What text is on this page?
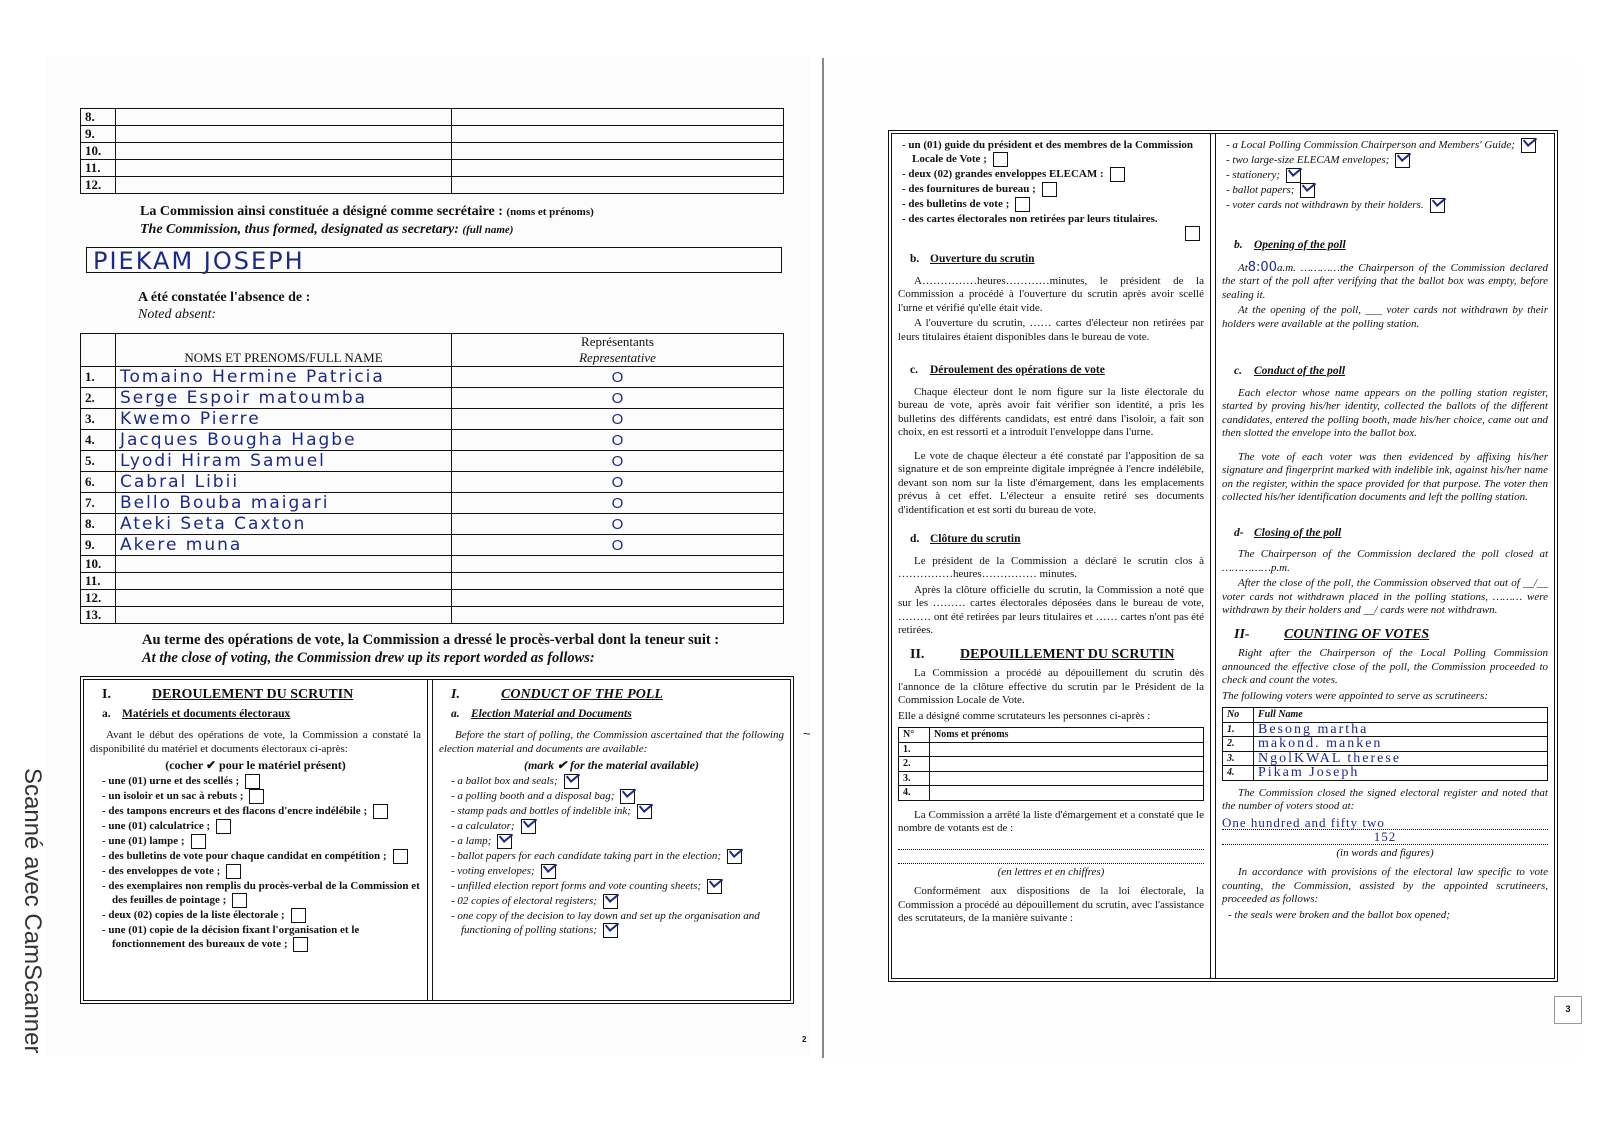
Scanné avec CamScanner
8.		
9.		
10.		
11.		
12.		
La Commission ainsi constituée a désigné comme secrétaire : (noms et prénoms)
The Commission, thus formed, designated as secretary: (full name)
PIEKAM JOSEPH
A été constatée l'absence de :
Noted absent:
	NOMS ET PRENOMS/FULL NAME	Représentants
Representative

1.	Tomaino Hermine Patricia	O
2.	Serge Espoir matoumba	O
3.	Kwemo Pierre	O
4.	Jacques Bougha Hagbe	O
5.	Lyodi Hiram Samuel	O
6.	Cabral Libii	O
7.	Bello Bouba maigari	O
8.	Ateki Seta Caxton	O
9.	Akere muna	O
10.		
11.		
12.		
13.		
Au terme des opérations de vote, la Commission a dressé le procès-verbal dont la teneur suit :
At the close of voting, the Commission drew up its report worded as follows:
I.	DEROULEMENT DU SCRUTIN
a. Matériels et documents électoraux

Avant le début des opérations de vote, la Commission a constaté la disponibilité du matériel et documents électoraux ci-après:

(cocher ✔ pour le matériel présent)
- une (01) urne et des scellés ;
- un isoloir et un sac à rebuts ;
- des tampons encreurs et des flacons d'encre indélébile ;
- une (01) calculatrice ;
- une (01) lampe ;
- des bulletins de vote pour chaque candidat en compétition ;
- des enveloppes de vote ;
- des exemplaires non remplis du procès-verbal de la Commission et des feuilles de pointage ;
- deux (02) copies de la liste électorale ;
- une (01) copie de la décision fixant l'organisation et le fonctionnement des bureaux de vote ;
I.	CONDUCT OF THE POLL
a. Election Material and Documents

Before the start of polling, the Commission ascertained that the following election material and documents are available:

(mark ✔ for the material available)
- a ballot box and seals;
- a polling booth and a disposal bag;
- stamp pads and bottles of indelible ink;
- a calculator;
- a lamp;
- ballot papers for each candidate taking part in the election;
- voting envelopes;
- unfilled election report forms and vote counting sheets;
- 02 copies of electoral registers;
- one copy of the decision to lay down and set up the organisation and functioning of polling stations;
2
~
- un (01) guide du président et des membres de la Commission Locale de Vote ;
- deux (02) grandes enveloppes ELECAM :
- des fournitures de bureau ;
- des bulletins de vote ;
- des cartes électorales non retirées par leurs titulaires.
b. Ouverture du scrutin

A……………heures…………minutes, le président de la Commission a procédé à l'ouverture du scrutin après avoir scellé l'urne et vérifié qu'elle était vide.

A l'ouverture du scrutin, …… cartes d'électeur non retirées par leurs titulaires étaient disponibles dans le bureau de vote.

c. Déroulement des opérations de vote

Chaque électeur dont le nom figure sur la liste électorale du bureau de vote, après avoir fait vérifier son identité, a pris les bulletins des différents candidats, est entré dans l'isoloir, a fait son choix, en est ressorti et a introduit l'enveloppe dans l'urne.

Le vote de chaque électeur a été constaté par l'apposition de sa signature et de son empreinte digitale imprégnée à l'encre indélébile, devant son nom sur la liste d'émargement, dans les emplacements prévus à cet effet. L'électeur a ensuite retiré ses documents d'identification et est sorti du bureau de vote.

d. Clôture du scrutin

Le président de la Commission a déclaré le scrutin clos à ……………heures…………… minutes.

Après la clôture officielle du scrutin, la Commission a noté que sur les ……… cartes électorales déposées dans le bureau de vote, ……… ont été retirées par leurs titulaires et …… cartes n'ont pas été retirées.

II.	DEPOUILLEMENT DU SCRUTIN

La Commission a procédé au dépouillement du scrutin dès l'annonce de la clôture effective du scrutin par le Président de la Commission Locale de Vote.

Elle a désigné comme scrutateurs les personnes ci-après :

N°	Noms et prénoms
1.	
2.	
3.	
4.	

La Commission a arrêté la liste d'émargement et a constaté que le nombre de votants est de :

(en lettres et en chiffres)

Conformément aux dispositions de la loi électorale, la Commission a procédé au dépouillement du scrutin, avec l'assistance des scrutateurs, de la manière suivante :

- a Local Polling Commission Chairperson and Members' Guide;
- two large-size ELECAM envelopes;
- stationery;
- ballot papers;
- voter cards not withdrawn by their holders.
b. Opening of the poll

At8:00a.m. …………the Chairperson of the Commission declared the start of the poll after verifying that the ballot box was empty, before sealing it.

At the opening of the poll, ___ voter cards not withdrawn by their holders were available at the polling station.

c. Conduct of the poll

Each elector whose name appears on the polling station register, started by proving his/her identity, collected the ballots of the different candidates, entered the polling booth, made his/her choice, came out and then slotted the envelope into the ballot box.

The vote of each voter was then evidenced by affixing his/her signature and fingerprint marked with indelible ink, against his/her name on the register, within the space provided for that purpose. The voter then collected his/her identification documents and left the polling station.

d- Closing of the poll

The Chairperson of the Commission declared the poll closed at ……………p.m.

After the close of the poll, the Commission observed that out of __/__ voter cards not withdrawn placed in the polling stations, ……… were withdrawn by their holders and __/ cards were not withdrawn.

II- COUNTING OF VOTES

Right after the Chairperson of the Local Polling Commission announced the effective close of the poll, the Commission proceeded to check and count the votes.

The following voters were appointed to serve as scrutineers:

No	Full Name
1.	Besong martha
2.	makond. manken
3.	NgolKWAL therese
4.	Pikam Joseph

The Commission closed the signed electoral register and noted that the number of voters stood at:

One hundred and fifty two
152
(in words and figures)

In accordance with provisions of the electoral law specific to vote counting, the Commission, assisted by the appointed scrutineers, proceeded as follows:

- the seals were broken and the ballot box opened;

3
